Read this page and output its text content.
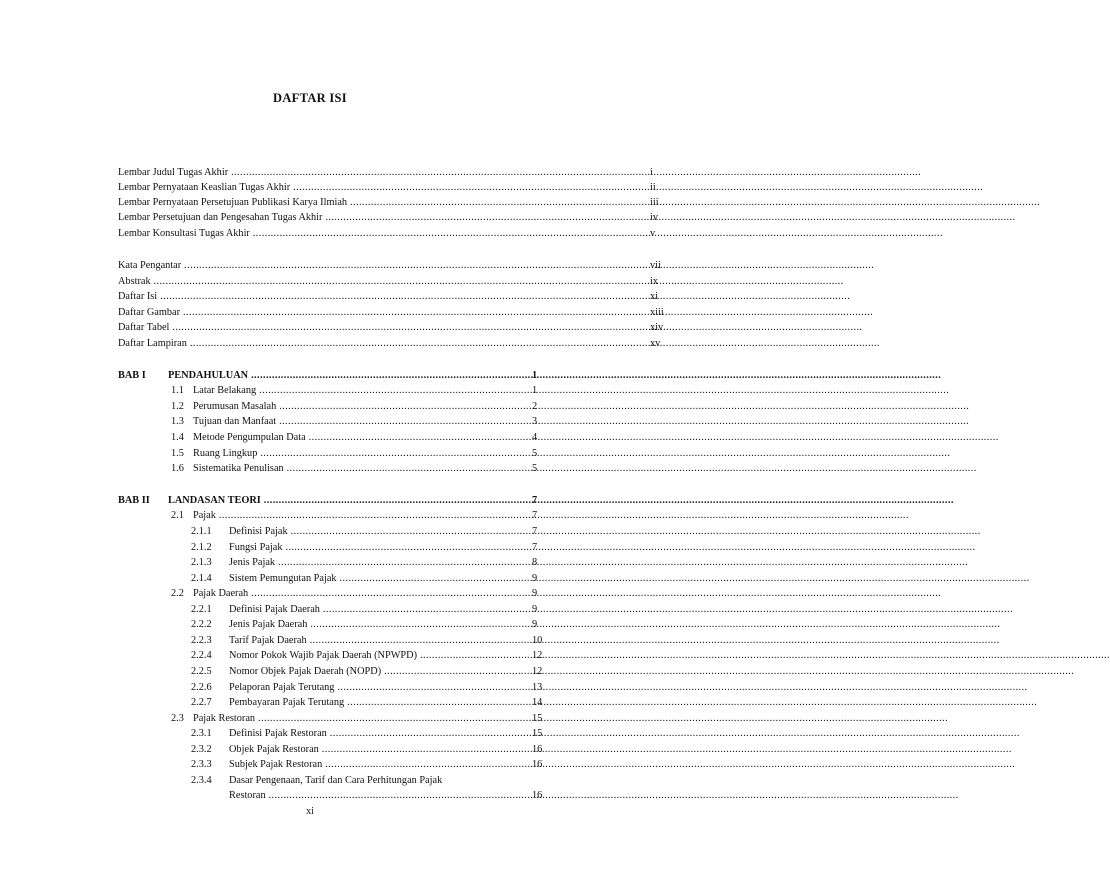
DAFTAR ISI
Lembar Judul Tugas Akhir .....	i
Lembar Pernyataan Keaslian Tugas Akhir .....	ii
Lembar Pernyataan Persetujuan Publikasi Karya Ilmiah .....	iii
Lembar Persetujuan dan Pengesahan Tugas Akhir .....	iv
Lembar Konsultasi Tugas Akhir .....	v
Kata Pengantar .....	vii
Abstrak .....	ix
Daftar Isi .....	xi
Daftar Gambar .....	xiii
Daftar Tabel .....	xiv
Daftar Lampiran .....	xv
BAB I PENDAHULUAN .....	1
1.1 Latar Belakang .....	1
1.2 Perumusan Masalah .....	2
1.3 Tujuan dan Manfaat .....	3
1.4 Metode Pengumpulan Data .....	4
1.5 Ruang Lingkup .....	5
1.6 Sistematika Penulisan .....	5
BAB II LANDASAN TEORI .....	7
2.1 Pajak .....	7
2.1.1 Definisi Pajak .....	7
2.1.2 Fungsi Pajak .....	7
2.1.3 Jenis Pajak .....	8
2.1.4 Sistem Pemungutan Pajak .....	9
2.2 Pajak Daerah .....	9
2.2.1 Definisi Pajak Daerah .....	9
2.2.2 Jenis Pajak Daerah .....	9
2.2.3 Tarif Pajak Daerah .....	10
2.2.4 Nomor Pokok Wajib Pajak Daerah (NPWPD) .....	12
2.2.5 Nomor Objek Pajak Daerah (NOPD) .....	12
2.2.6 Pelaporan Pajak Terutang .....	13
2.2.7 Pembayaran Pajak Terutang .....	14
2.3 Pajak Restoran .....	15
2.3.1 Definisi Pajak Restoran .....	15
2.3.2 Objek Pajak Restoran .....	16
2.3.3 Subjek Pajak Restoran .....	16
2.3.4 Dasar Pengenaan, Tarif dan Cara Perhitungan Pajak
Restoran .....	16
xi
